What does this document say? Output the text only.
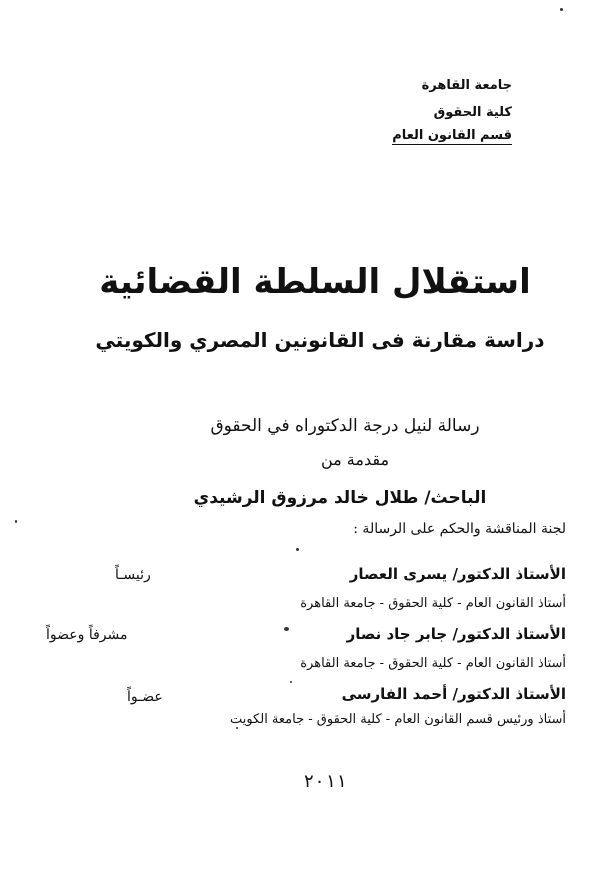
جامعة القاهرة
كلية الحقوق
قسم القانون العام
استقلال السلطة القضائية
دراسة مقارنة فى القانونين المصري والكويتي
رسالة لنيل درجة الدكتوراه في الحقوق
مقدمة من
الباحث/ طلال خالد مرزوق الرشيدي
لجنة المناقشة والحكم على الرسالة :
الأستاذ الدكتور/ يسرى العصار
رئيسـاً
أستاذ القانون العام - كلية الحقوق - جامعة القاهرة
الأستاذ الدكتور/ جابر جاد نصار
مشرفاً وعضواً
أستاذ القانون العام - كلية الحقوق - جامعة القاهرة
الأستاذ الدكتور/ أحمد الفارسى
عضـواً
أستاذ ورئيس قسم القانون العام - كلية الحقوق - جامعة الكويت
٢٠١١
